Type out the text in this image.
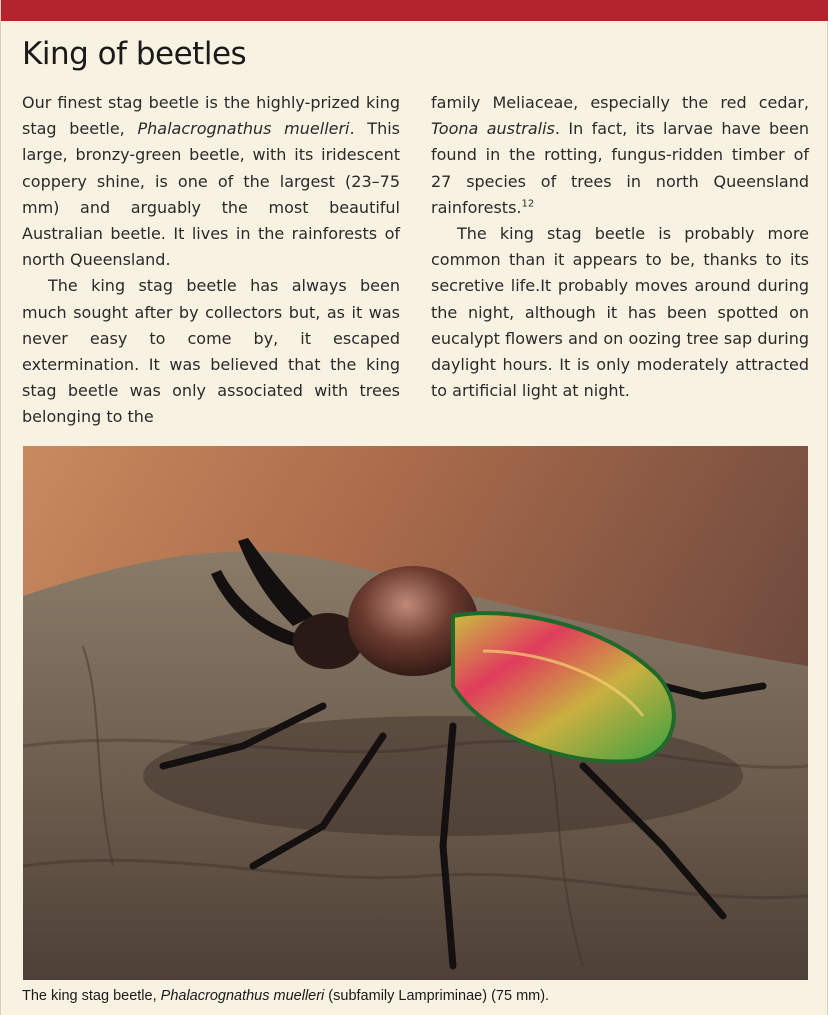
King of beetles

Our finest stag beetle is the highly-prized king stag beetle, Phalacrognathus muelleri. This large, bronzy-green beetle, with its iridescent coppery shine, is one of the largest (23–75 mm) and arguably the most beautiful Australian beetle. It lives in the rainforests of north Queensland.

The king stag beetle has always been much sought after by collectors but, as it was never easy to come by, it escaped extermination. It was believed that the king stag beetle was only associated with trees belonging to the

family Meliaceae, especially the red cedar, Toona australis. In fact, its larvae have been found in the rotting, fungus-ridden timber of 27 species of trees in north Queensland rainforests.$^{12}$

The king stag beetle is probably more common than it appears to be, thanks to its secretive life.It probably moves around during the night, although it has been spotted on eucalypt flowers and on oozing tree sap during daylight hours. It is only moderately attracted to artificial light at night.

The king stag beetle, Phalacrognathus muelleri (subfamily Lampriminae) (75 mm).
